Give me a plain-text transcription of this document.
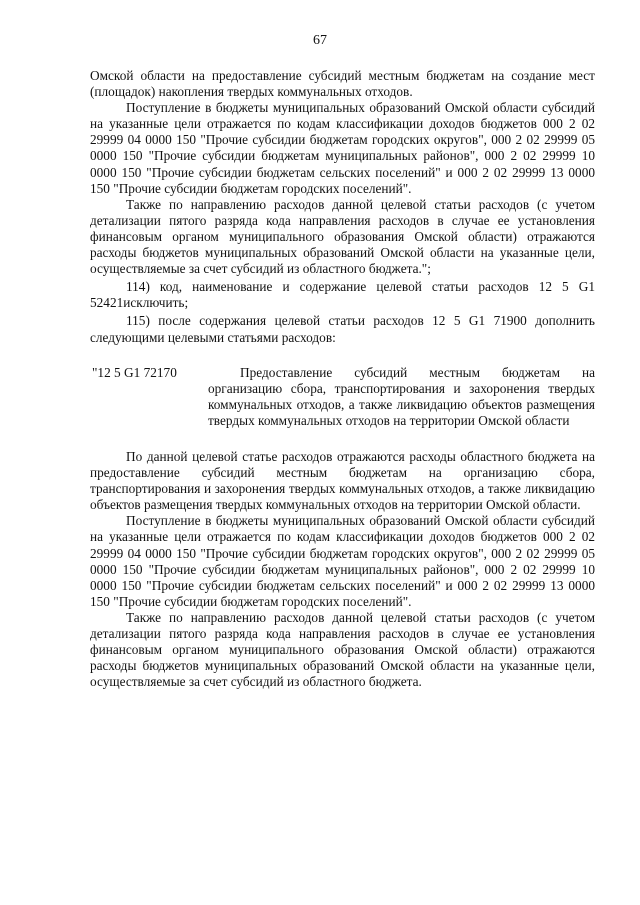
67

Омской области на предоставление субсидий местным бюджетам на создание мест (площадок) накопления твердых коммунальных отходов.

Поступление в бюджеты муниципальных образований Омской области субсидий на указанные цели отражается по кодам классификации доходов бюджетов 000 2 02 29999 04 0000 150 "Прочие субсидии бюджетам городских округов", 000 2 02 29999 05 0000 150 "Прочие субсидии бюджетам муниципальных районов", 000 2 02 29999 10 0000 150 "Прочие субсидии бюджетам сельских поселений" и 000 2 02 29999 13 0000 150 "Прочие субсидии бюджетам городских поселений".

Также по направлению расходов данной целевой статьи расходов (с учетом детализации пятого разряда кода направления расходов в случае ее установления финансовым органом муниципального образования Омской области) отражаются расходы бюджетов муниципальных образований Омской области на указанные цели, осуществляемые за счет субсидий из областного бюджета.";

114) код, наименование и содержание целевой статьи расходов 12 5 G1 52421исключить;

115) после содержания целевой статьи расходов 12 5 G1 71900 дополнить следующими целевыми статьями расходов:

"12 5 G1 72170	Предоставление субсидий местным бюджетам на организацию сбора, транспортирования и захоронения твердых коммунальных отходов, а также ликвидацию объектов размещения твердых коммунальных отходов на территории Омской области

По данной целевой статье расходов отражаются расходы областного бюджета на предоставление субсидий местным бюджетам на организацию сбора, транспортирования и захоронения твердых коммунальных отходов, а также ликвидацию объектов размещения твердых коммунальных отходов на территории Омской области.

Поступление в бюджеты муниципальных образований Омской области субсидий на указанные цели отражается по кодам классификации доходов бюджетов 000 2 02 29999 04 0000 150 "Прочие субсидии бюджетам городских округов", 000 2 02 29999 05 0000 150 "Прочие субсидии бюджетам муниципальных районов", 000 2 02 29999 10 0000 150 "Прочие субсидии бюджетам сельских поселений" и 000 2 02 29999 13 0000 150 "Прочие субсидии бюджетам городских поселений".

Также по направлению расходов данной целевой статьи расходов (с учетом детализации пятого разряда кода направления расходов в случае ее установления финансовым органом муниципального образования Омской области) отражаются расходы бюджетов муниципальных образований Омской области на указанные цели, осуществляемые за счет субсидий из областного бюджета.
